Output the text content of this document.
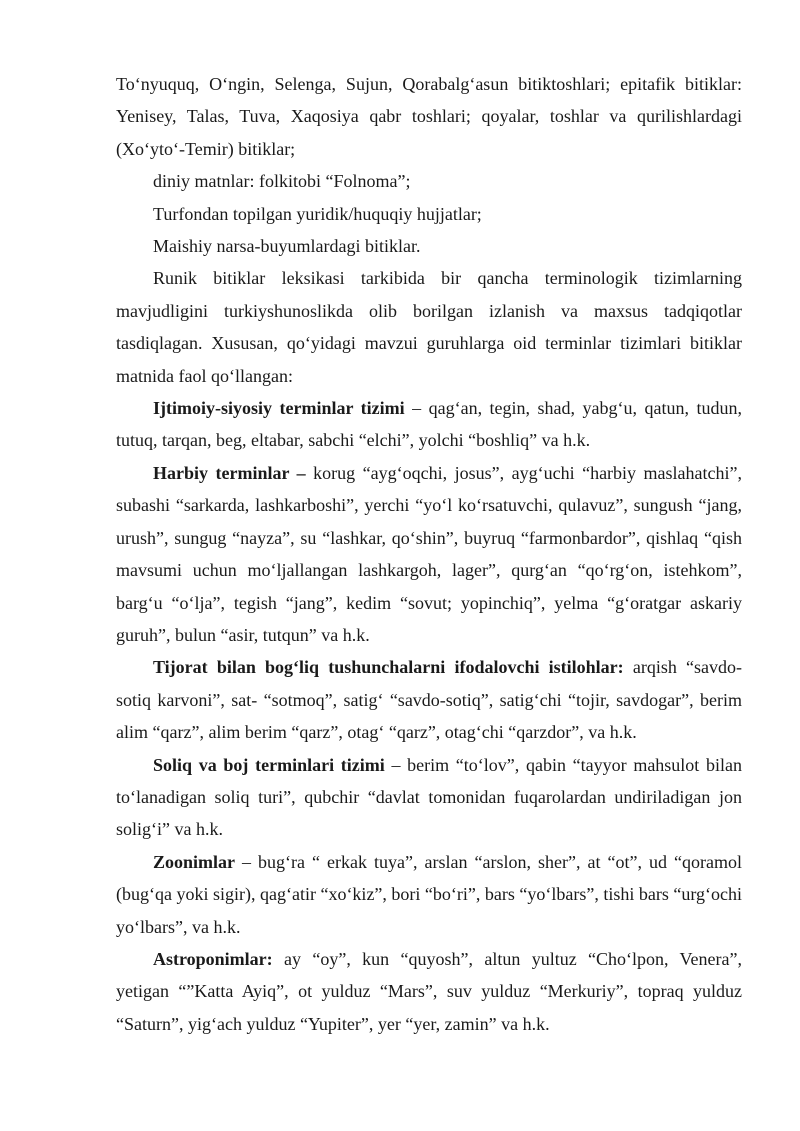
To‘nyuquq, O‘ngin, Selenga, Sujun, Qorabalg‘asun bitiktoshlari; epitafik bitiklar: Yenisey, Talas, Tuva, Xaqosiya qabr toshlari; qoyalar, toshlar va qurilishlardagi (Xo‘yto‘-Temir) bitiklar;

diniy matnlar: folkitobi “Folnoma”;

Turfondan topilgan yuridik/huquqiy hujjatlar;

Maishiy narsa-buyumlardagi bitiklar.

Runik bitiklar leksikasi tarkibida bir qancha terminologik tizimlarning mavjudligini turkiyshunoslikda olib borilgan izlanish va maxsus tadqiqotlar tasdiqlagan. Xususan, qo‘yidagi mavzui guruhlarga oid terminlar tizimlari bitiklar matnida faol qo‘llangan:

Ijtimoiy-siyosiy terminlar tizimi – qag‘an, tegin, shad, yabg‘u, qatun, tudun, tutuq, tarqan, beg, eltabar, sabchi “elchi”, yolchi “boshliq” va h.k.

Harbiy terminlar – korug “ayg‘oqchi, josus”, ayg‘uchi “harbiy maslahatchi”, subashi “sarkarda, lashkarboshi”, yerchi “yo‘l ko‘rsatuvchi, qulavuz”, sungush “jang, urush”, sungug “nayza”, su “lashkar, qo‘shin”, buyruq “farmonbardor”, qishlaq “qish mavsumi uchun mo‘ljallangan lashkargoh, lager”, qurg‘an “qo‘rg‘on, istehkom”, barg‘u “o‘lja”, tegish “jang”, kedim “sovut; yopinchiq”, yelma “g‘oratgar askariy guruh”, bulun “asir, tutqun” va h.k.

Tijorat bilan bog‘liq tushunchalarni ifodalovchi istilohlar: arqish “savdo-sotiq karvoni”, sat- “sotmoq”, satig‘ “savdo-sotiq”, satig‘chi “tojir, savdogar”, berim alim “qarz”, alim berim “qarz”, otag‘ “qarz”, otag‘chi “qarzdor”, va h.k.

Soliq va boj terminlari tizimi – berim “to‘lov”, qabin “tayyor mahsulot bilan to‘lanadigan soliq turi”, qubchir “davlat tomonidan fuqarolardan undiriladigan jon solig‘i” va h.k.

Zoonimlar – bug‘ra “ erkak tuya”, arslan “arslon, sher”, at “ot”, ud “qoramol (bug‘qa yoki sigir), qag‘atir “xo‘kiz”, bori “bo‘ri”, bars “yo‘lbars”, tishi bars “urg‘ochi yo‘lbars”, va h.k.

Astroponimlar: ay “oy”, kun “quyosh”, altun yultuz “Cho‘lpon, Venera”, yetigan “”Katta Ayiq”, ot yulduz “Mars”, suv yulduz “Merkuriy”, topraq yulduz “Saturn”, yig‘ach yulduz “Yupiter”, yer “yer, zamin” va h.k.
